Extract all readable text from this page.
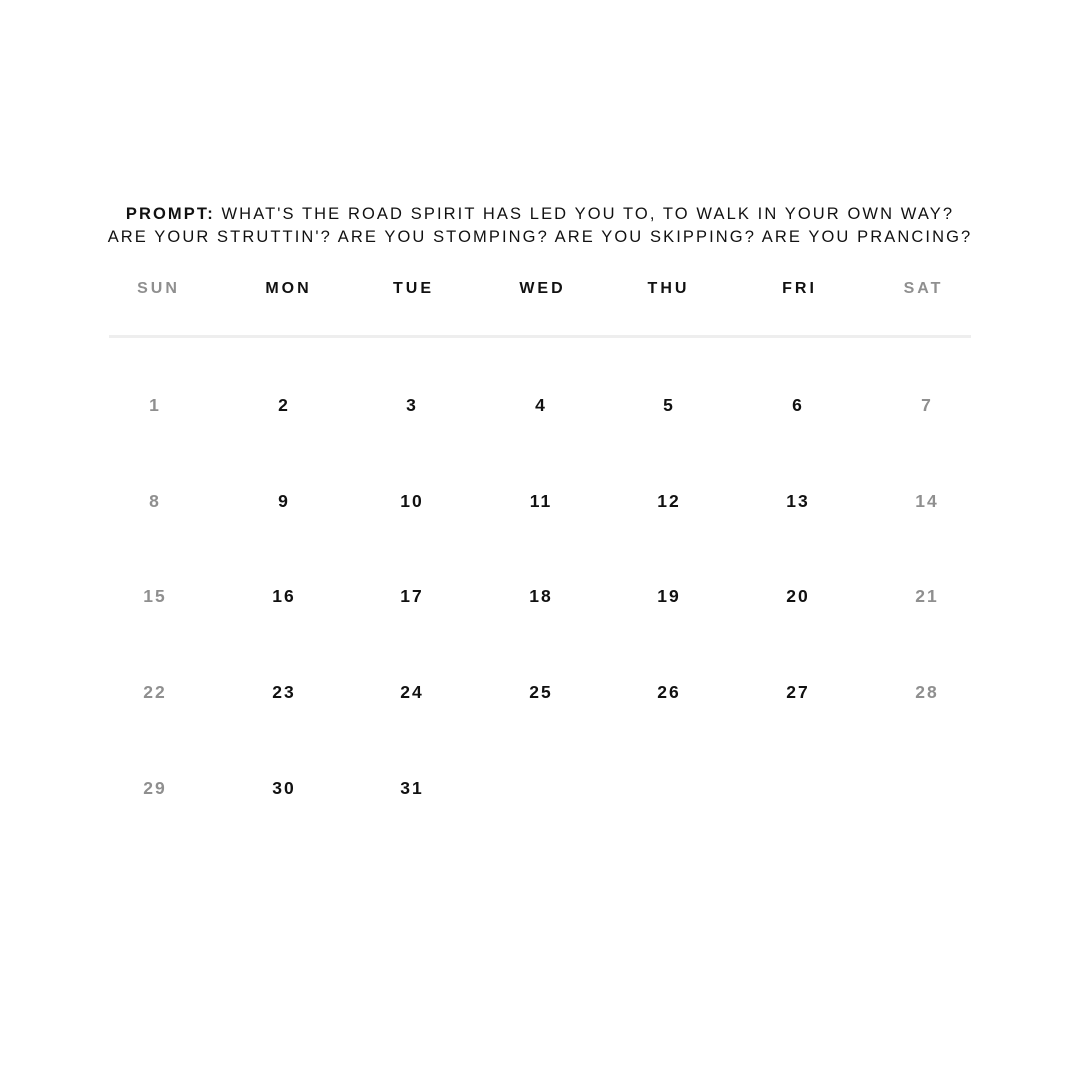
PROMPT: WHAT'S THE ROAD SPIRIT HAS LED YOU TO, TO WALK IN YOUR OWN WAY?
ARE YOUR STRUTTIN'? ARE YOU STOMPING? ARE YOU SKIPPING? ARE YOU PRANCING?
SUN	MON	TUE	WED	THU	FRI	SAT
1	2	3	4	5	6	7
8	9	10	11	12	13	14
15	16	17	18	19	20	21
22	23	24	25	26	27	28
29	30	31
